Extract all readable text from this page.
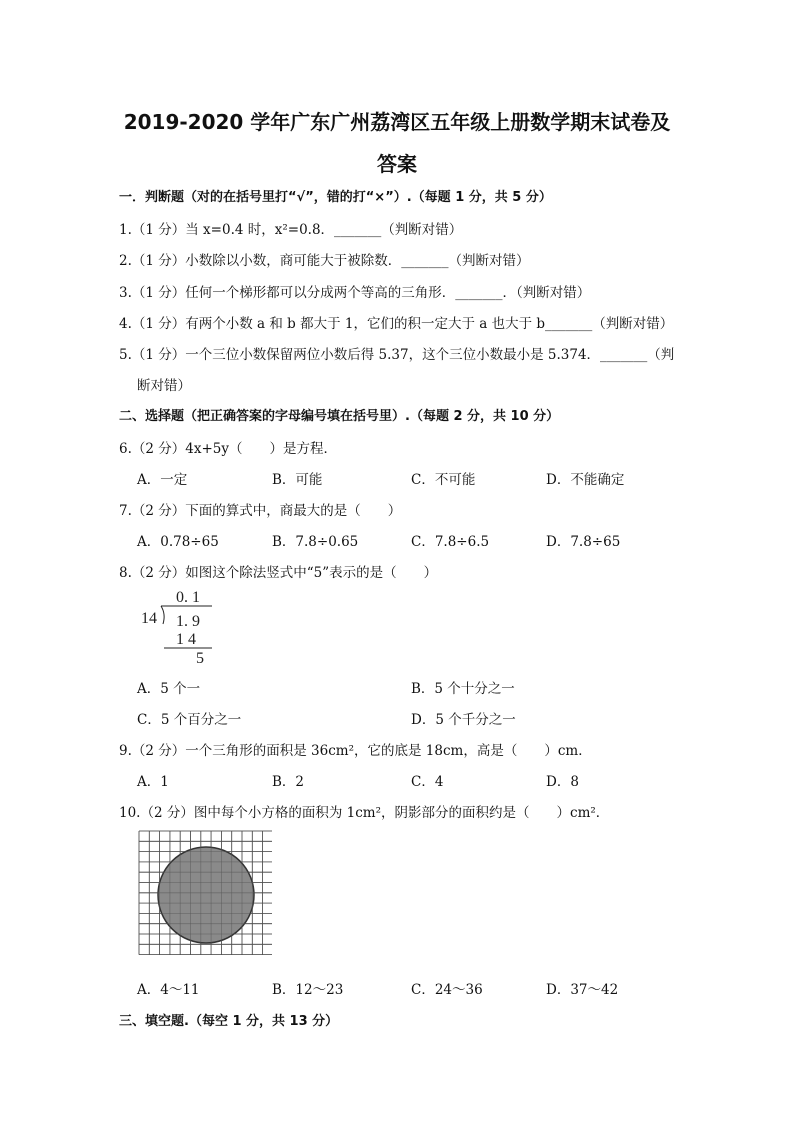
2019-2020 学年广东广州荔湾区五年级上册数学期末试卷及
答案
一．判断题（对的在括号里打“√”，错的打“×”）.（每题 1 分，共 5 分）
1.（1 分）当 x=0.4 时，x²=0.8．_______（判断对错）
2.（1 分）小数除以小数，商可能大于被除数．_______（判断对错）
3.（1 分）任何一个梯形都可以分成两个等高的三角形．_______．（判断对错）
4.（1 分）有两个小数 a 和 b 都大于 1，它们的积一定大于 a 也大于 b_______（判断对错）
5.（1 分）一个三位小数保留两位小数后得 5.37，这个三位小数最小是 5.374．_______（判
断对错）
二、选择题（把正确答案的字母编号填在括号里）.（每题 2 分，共 10 分）
6.（2 分）4x+5y（　　）是方程．
A．一定	B．可能	C．不可能	D．不能确定
7.（2 分）下面的算式中，商最大的是（　　）
A．0.78÷65	B．7.8÷0.65	C．7.8÷6.5	D．7.8÷65
8.（2 分）如图这个除法竖式中“5”表示的是（　　）
0. 1
14 1. 9
1 4
5
A．5 个一	B．5 个十分之一
C．5 个百分之一	D．5 个千分之一
9.（2 分）一个三角形的面积是 36cm²，它的底是 18cm，高是（　　）cm．
A．1	B．2	C．4	D．8
10.（2 分）图中每个小方格的面积为 1cm²，阴影部分的面积约是（　　）cm²．
A．4～11	B．12～23	C．24～36	D．37～42
三、填空题.（每空 1 分，共 13 分）
